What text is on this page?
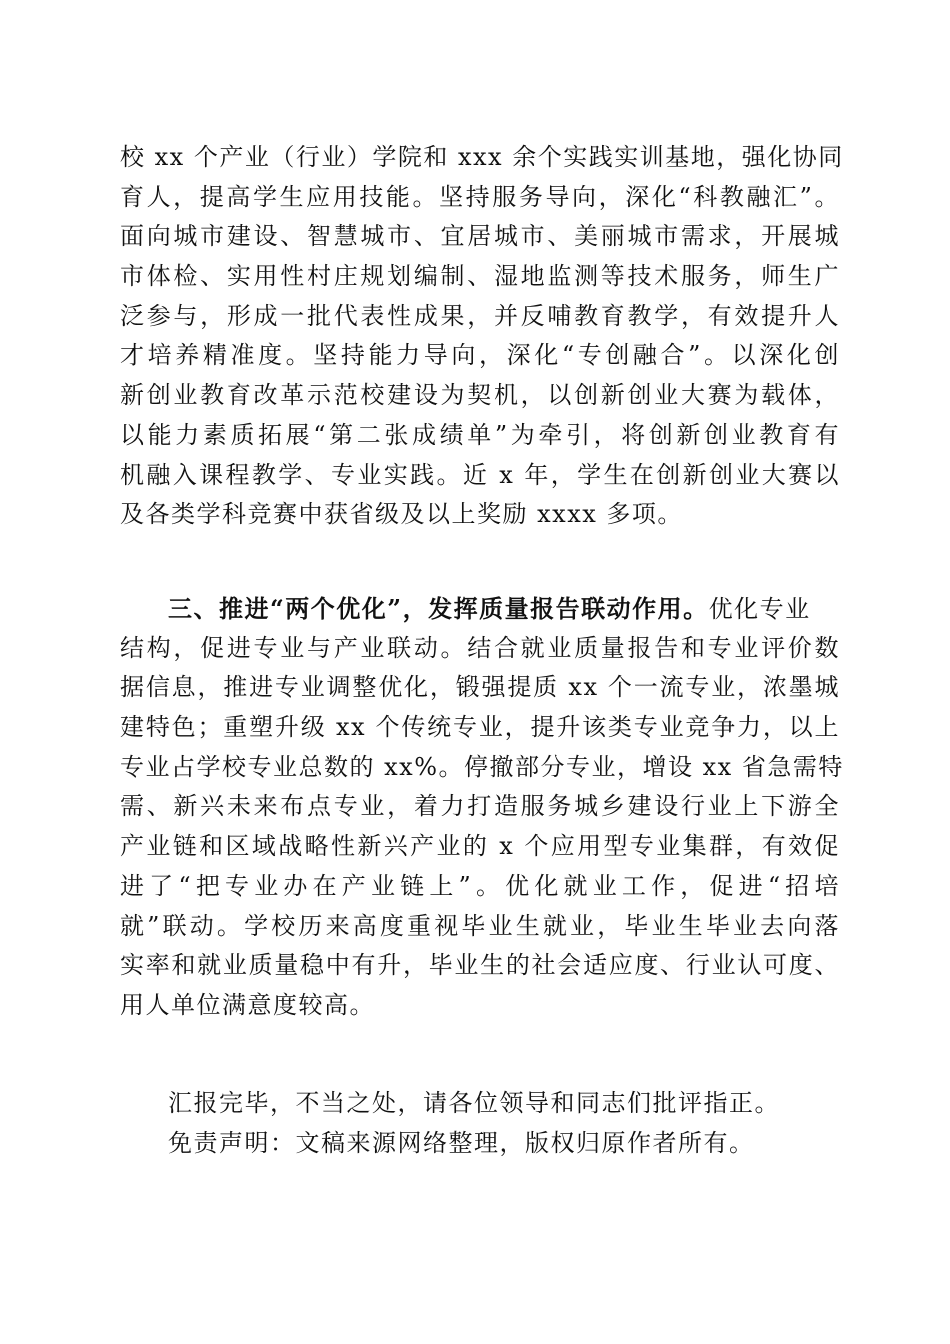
校 xx 个产业（行业）学院和 xxx 余个实践实训基地，强化协同
育人，提高学生应用技能。坚持服务导向，深化“科教融汇”。
面向城市建设、智慧城市、宜居城市、美丽城市需求，开展城
市体检、实用性村庄规划编制、湿地监测等技术服务，师生广
泛参与，形成一批代表性成果，并反哺教育教学，有效提升人
才培养精准度。坚持能力导向，深化“专创融合”。以深化创
新创业教育改革示范校建设为契机，以创新创业大赛为载体，
以能力素质拓展“第二张成绩单”为牵引，将创新创业教育有
机融入课程教学、专业实践。近 x 年，学生在创新创业大赛以
及各类学科竞赛中获省级及以上奖励 xxxx 多项。
三、推进“两个优化”，发挥质量报告联动作用。优化专业
结构，促进专业与产业联动。结合就业质量报告和专业评价数
据信息，推进专业调整优化，锻强提质 xx 个一流专业，浓墨城
建特色；重塑升级 xx 个传统专业，提升该类专业竞争力，以上
专业占学校专业总数的 xx%。停撤部分专业，增设 xx 省急需特
需、新兴未来布点专业，着力打造服务城乡建设行业上下游全
产业链和区域战略性新兴产业的 x 个应用型专业集群，有效促
进了“把专业办在产业链上”。优化就业工作，促进“招培
就”联动。学校历来高度重视毕业生就业，毕业生毕业去向落
实率和就业质量稳中有升，毕业生的社会适应度、行业认可度、
用人单位满意度较高。
汇报完毕，不当之处，请各位领导和同志们批评指正。
免责声明：文稿来源网络整理，版权归原作者所有。
